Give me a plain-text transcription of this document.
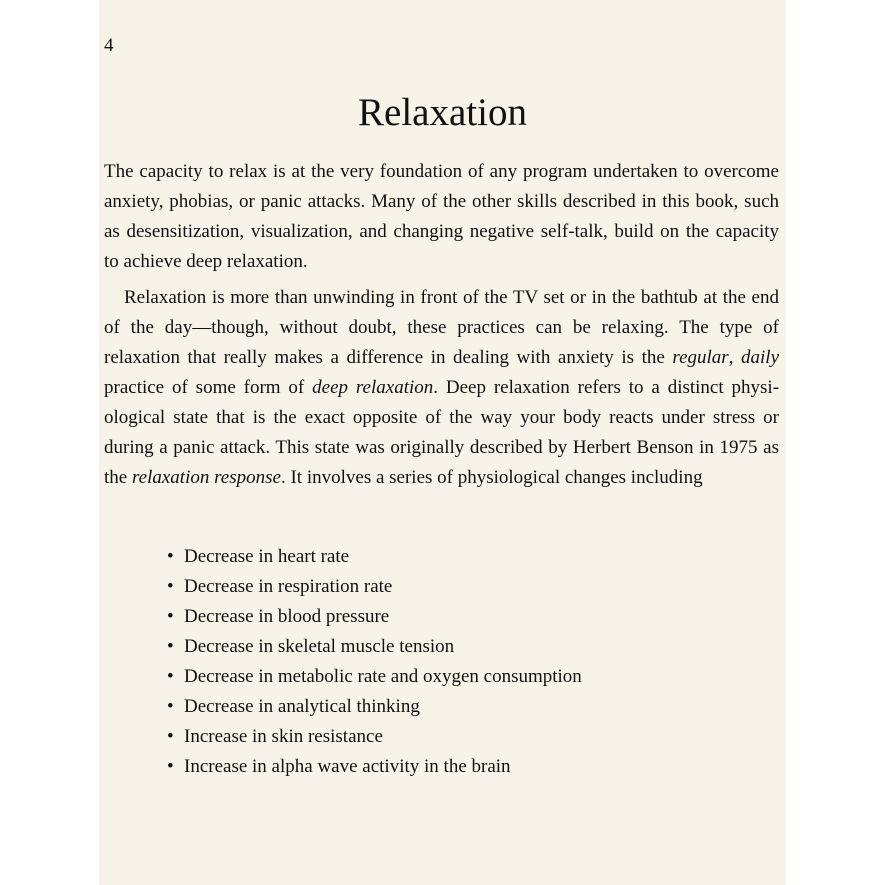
4
Relaxation

The capacity to relax is at the very foundation of any program undertaken to overcome anxiety, phobias, or panic attacks. Many of the other skills described in this book, such as desensitization, visualization, and changing negative self-talk, build on the capacity to achieve deep relaxation.

Relaxation is more than unwinding in front of the TV set or in the bathtub at the end of the day—though, without doubt, these practices can be relaxing. The type of relaxation that really makes a difference in dealing with anxiety is the regular, daily practice of some form of deep relaxation. Deep relaxation refers to a distinct physiological state that is the exact opposite of the way your body reacts under stress or during a panic attack. This state was originally described by Herbert Benson in 1975 as the relaxation response. It involves a series of physiological changes including

• Decrease in heart rate
• Decrease in respiration rate
• Decrease in blood pressure
• Decrease in skeletal muscle tension
• Decrease in metabolic rate and oxygen consumption
• Decrease in analytical thinking
• Increase in skin resistance
• Increase in alpha wave activity in the brain
